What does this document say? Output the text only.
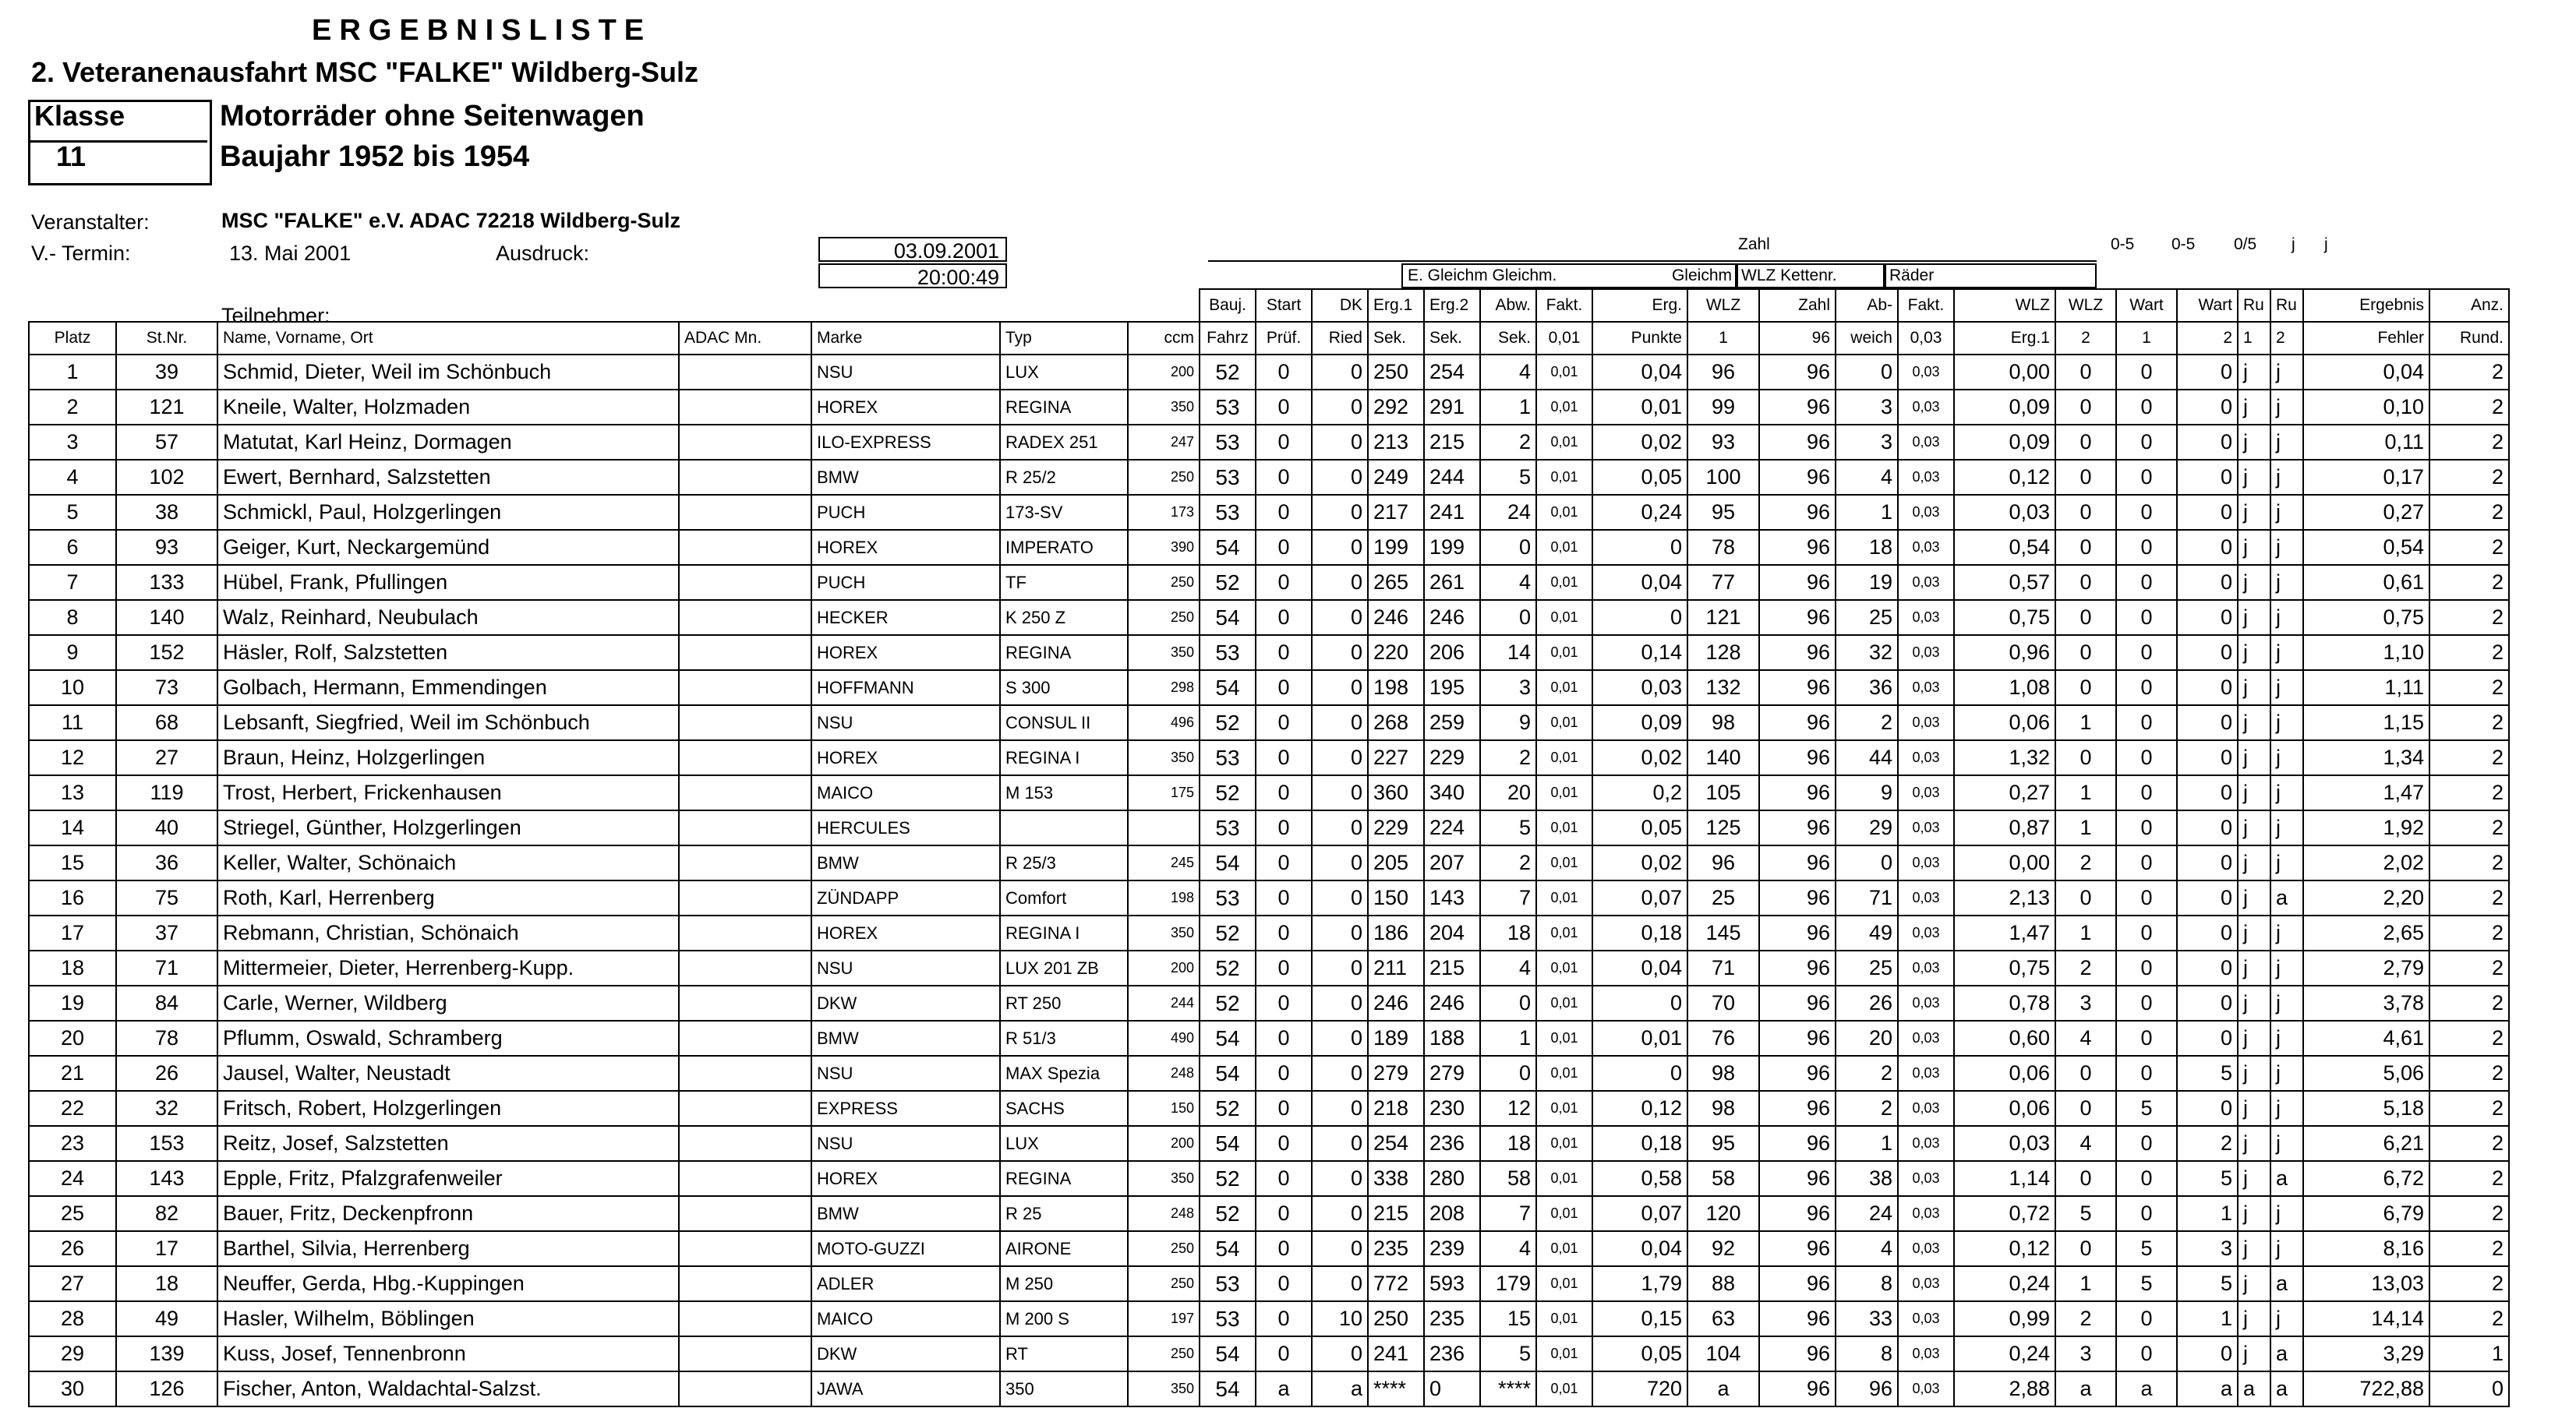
ERGEBNISLISTE
2. Veteranenausfahrt MSC "FALKE" Wildberg-Sulz
Klasse
11
Motorräder ohne Seitenwagen
Baujahr 1952 bis 1954
Veranstalter:	MSC "FALKE" e.V. ADAC 72218 Wildberg-Sulz
V.- Termin:	13. Mai 2001	Ausdruck:	03.09.2001
20:00:49
Teilnehmer:
Zahl	0-5 0-5 0/5 j j
E. Gleichm Gleichm.	Gleichm WLZ Kettenr.	Räder
							Bauj.	Start	DK	Erg.1	Erg.2	Abw.	Fakt.	Erg.	WLZ	Zahl	Ab-	Fakt.	WLZ	WLZ	Wart	Wart	Ru	Ru	Ergebnis	Anz.
Platz	St.Nr.	Name, Vorname, Ort	ADAC Mn.	Marke	Typ	ccm	Fahrz	Prüf.	Ried	Sek.	Sek.	Sek.	0,01	Punkte	1	96	weich	0,03	Erg.1	2	1	2	1	2	Fehler	Rund.
1	39	Schmid, Dieter, Weil im Schönbuch		NSU	LUX	200	52	0	0	250	254	4	0,01	0,04	96	96	0	0,03	0,00	0	0	0	j	j	0,04	2
2	121	Kneile, Walter, Holzmaden		HOREX	REGINA	350	53	0	0	292	291	1	0,01	0,01	99	96	3	0,03	0,09	0	0	0	j	j	0,10	2
3	57	Matutat, Karl Heinz, Dormagen		ILO-EXPRESS	RADEX 251	247	53	0	0	213	215	2	0,01	0,02	93	96	3	0,03	0,09	0	0	0	j	j	0,11	2
4	102	Ewert, Bernhard, Salzstetten		BMW	R 25/2	250	53	0	0	249	244	5	0,01	0,05	100	96	4	0,03	0,12	0	0	0	j	j	0,17	2
5	38	Schmickl, Paul, Holzgerlingen		PUCH	173-SV	173	53	0	0	217	241	24	0,01	0,24	95	96	1	0,03	0,03	0	0	0	j	j	0,27	2
6	93	Geiger, Kurt, Neckargemünd		HOREX	IMPERATO	390	54	0	0	199	199	0	0,01	0	78	96	18	0,03	0,54	0	0	0	j	j	0,54	2
7	133	Hübel, Frank, Pfullingen		PUCH	TF	250	52	0	0	265	261	4	0,01	0,04	77	96	19	0,03	0,57	0	0	0	j	j	0,61	2
8	140	Walz, Reinhard, Neubulach		HECKER	K 250 Z	250	54	0	0	246	246	0	0,01	0	121	96	25	0,03	0,75	0	0	0	j	j	0,75	2
9	152	Häsler, Rolf, Salzstetten		HOREX	REGINA	350	53	0	0	220	206	14	0,01	0,14	128	96	32	0,03	0,96	0	0	0	j	j	1,10	2
10	73	Golbach, Hermann, Emmendingen		HOFFMANN	S 300	298	54	0	0	198	195	3	0,01	0,03	132	96	36	0,03	1,08	0	0	0	j	j	1,11	2
11	68	Lebsanft, Siegfried, Weil im Schönbuch		NSU	CONSUL II	496	52	0	0	268	259	9	0,01	0,09	98	96	2	0,03	0,06	1	0	0	j	j	1,15	2
12	27	Braun, Heinz, Holzgerlingen		HOREX	REGINA I	350	53	0	0	227	229	2	0,01	0,02	140	96	44	0,03	1,32	0	0	0	j	j	1,34	2
13	119	Trost, Herbert, Frickenhausen		MAICO	M 153	175	52	0	0	360	340	20	0,01	0,2	105	96	9	0,03	0,27	1	0	0	j	j	1,47	2
14	40	Striegel, Günther, Holzgerlingen		HERCULES			53	0	0	229	224	5	0,01	0,05	125	96	29	0,03	0,87	1	0	0	j	j	1,92	2
15	36	Keller, Walter, Schönaich		BMW	R 25/3	245	54	0	0	205	207	2	0,01	0,02	96	96	0	0,03	0,00	2	0	0	j	j	2,02	2
16	75	Roth, Karl, Herrenberg		ZÜNDAPP	Comfort	198	53	0	0	150	143	7	0,01	0,07	25	96	71	0,03	2,13	0	0	0	j	a	2,20	2
17	37	Rebmann, Christian, Schönaich		HOREX	REGINA I	350	52	0	0	186	204	18	0,01	0,18	145	96	49	0,03	1,47	1	0	0	j	j	2,65	2
18	71	Mittermeier, Dieter, Herrenberg-Kupp.		NSU	LUX 201 ZB	200	52	0	0	211	215	4	0,01	0,04	71	96	25	0,03	0,75	2	0	0	j	j	2,79	2
19	84	Carle, Werner, Wildberg		DKW	RT 250	244	52	0	0	246	246	0	0,01	0	70	96	26	0,03	0,78	3	0	0	j	j	3,78	2
20	78	Pflumm, Oswald, Schramberg		BMW	R 51/3	490	54	0	0	189	188	1	0,01	0,01	76	96	20	0,03	0,60	4	0	0	j	j	4,61	2
21	26	Jausel, Walter, Neustadt		NSU	MAX Spezia	248	54	0	0	279	279	0	0,01	0	98	96	2	0,03	0,06	0	0	5	j	j	5,06	2
22	32	Fritsch, Robert, Holzgerlingen		EXPRESS	SACHS	150	52	0	0	218	230	12	0,01	0,12	98	96	2	0,03	0,06	0	5	0	j	j	5,18	2
23	153	Reitz, Josef, Salzstetten		NSU	LUX	200	54	0	0	254	236	18	0,01	0,18	95	96	1	0,03	0,03	4	0	2	j	j	6,21	2
24	143	Epple, Fritz, Pfalzgrafenweiler		HOREX	REGINA	350	52	0	0	338	280	58	0,01	0,58	58	96	38	0,03	1,14	0	0	5	j	a	6,72	2
25	82	Bauer, Fritz, Deckenpfronn		BMW	R 25	248	52	0	0	215	208	7	0,01	0,07	120	96	24	0,03	0,72	5	0	1	j	j	6,79	2
26	17	Barthel, Silvia, Herrenberg		MOTO-GUZZI	AIRONE	250	54	0	0	235	239	4	0,01	0,04	92	96	4	0,03	0,12	0	5	3	j	j	8,16	2
27	18	Neuffer, Gerda, Hbg.-Kuppingen		ADLER	M 250	250	53	0	0	772	593	179	0,01	1,79	88	96	8	0,03	0,24	1	5	5	j	a	13,03	2
28	49	Hasler, Wilhelm, Böblingen		MAICO	M 200 S	197	53	0	10	250	235	15	0,01	0,15	63	96	33	0,03	0,99	2	0	1	j	j	14,14	2
29	139	Kuss, Josef, Tennenbronn		DKW	RT	250	54	0	0	241	236	5	0,01	0,05	104	96	8	0,03	0,24	3	0	0	j	a	3,29	1
30	126	Fischer, Anton, Waldachtal-Salzst.		JAWA	350	350	54	a	a	****	0	****	0,01	720	a	96	96	0,03	2,88	a	a	a	a	a	722,88	0
